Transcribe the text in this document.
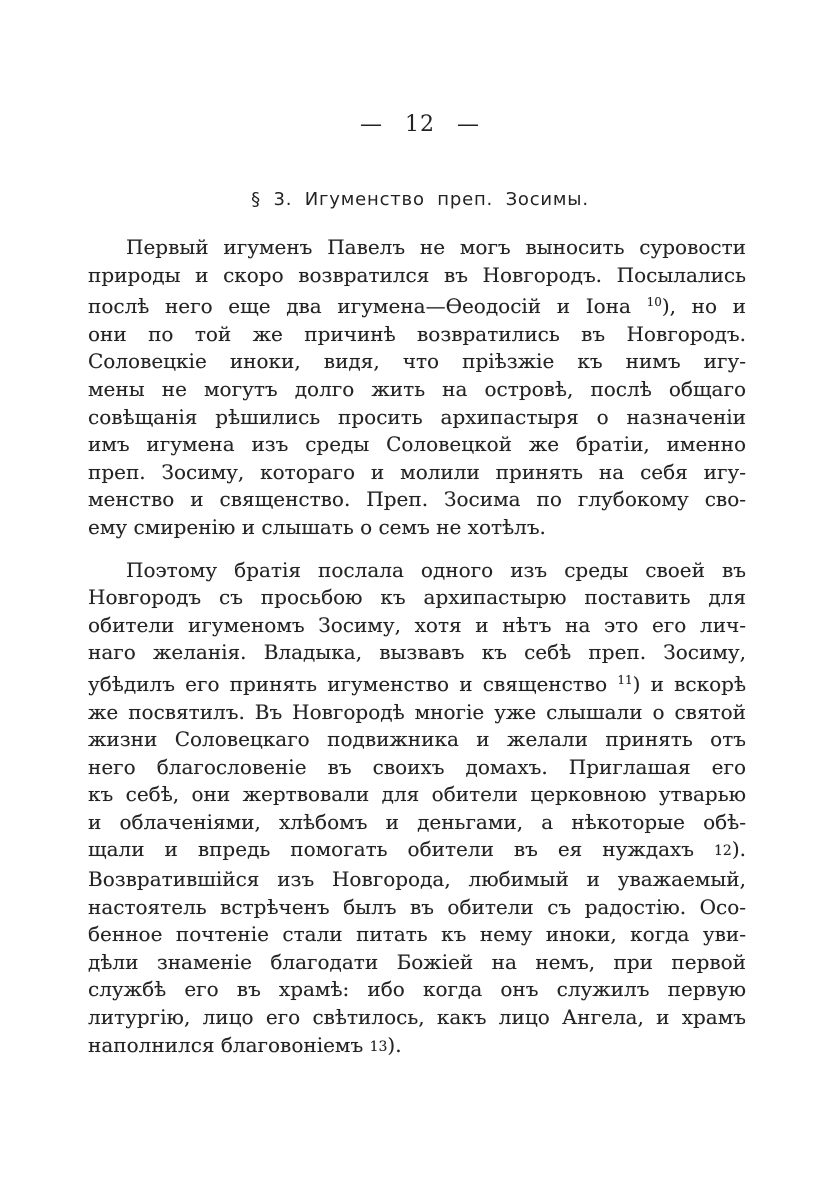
— 12 —
§ 3. Игуменство преп. Зосимы.
Первый игуменъ Павелъ не могъ выносить суровости
природы и скоро возвратился въ Новгородъ. Посылались
послѣ него еще два игумена—Ѳеодосій и Іона $^{10}$), но и
они по той же причинѣ возвратились въ Новгородъ.
Соловецкіе иноки, видя, что пріѣзжіе къ нимъ игу-
мены не могутъ долго жить на островѣ, послѣ общаго
совѣщанія рѣшились просить архипастыря о назначеніи
имъ игумена изъ среды Соловецкой же братіи, именно
преп. Зосиму, котораго и молили принять на себя игу-
менство и священство. Преп. Зосима по глубокому сво-
ему смиренію и слышать о семъ не хотѣлъ.
Поэтому братія послала одного изъ среды своей въ
Новгородъ съ просьбою къ архипастырю поставить для
обители игуменомъ Зосиму, хотя и нѣтъ на это его лич-
наго желанія. Владыка, вызвавъ къ себѣ преп. Зосиму,
убѣдилъ его принять игуменство и священство $^{11}$) и вскорѣ
же посвятилъ. Въ Новгородѣ многіе уже слышали о святой
жизни Соловецкаго подвижника и желали принять отъ
него благословеніе въ своихъ домахъ. Приглашая его
къ себѣ, они жертвовали для обители церковною утварью
и облаченіями, хлѣбомъ и деньгами, а нѣкоторые обѣ-
щали и впредь помогать обители въ ея нуждахъ 12).
Возвратившійся изъ Новгорода, любимый и уважаемый,
настоятель встрѣченъ былъ въ обители съ радостію. Осо-
бенное почтеніе стали питать къ нему иноки, когда уви-
дѣли знаменіе благодати Божіей на немъ, при первой
службѣ его въ храмѣ: ибо когда онъ служилъ первую
литургію, лицо его свѣтилось, какъ лицо Ангела, и храмъ
наполнился благовоніемъ 13).
